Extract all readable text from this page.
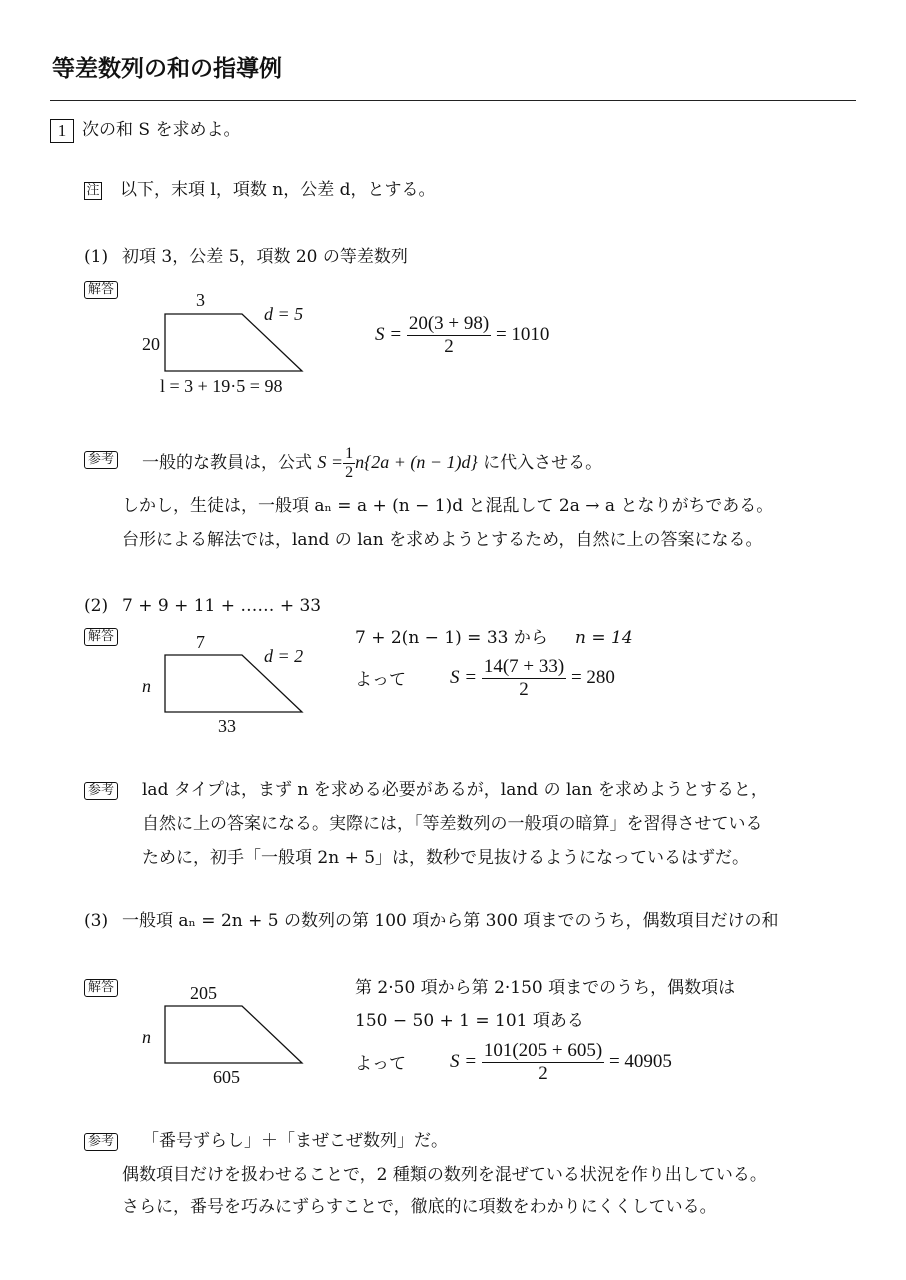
等差数列の和の指導例
1 次の和 S を求めよ。
注 以下，末項 l，項数 n，公差 d，とする。
(1) 初項 3，公差 5，項数 20 の等差数列
解答
3
d = 5
20
l = 3 + 19·5 = 98
$S = \frac{20(3 + 98)}{2} = 1010$
参考 一般的な教員は，公式 $S = \frac{1}{2} n\{2a + (n - 1)d\}$ に代入させる。
しかし，生徒は，一般項 aₙ = a + (n − 1)d と混乱して 2a → a となりがちである。
台形による解法では，land の lan を求めようとするため，自然に上の答案になる。
(2) 7 + 9 + 11 + …… + 33
解答	7
d = 2
n
33
7 + 2(n − 1) = 33 から n = 14
よって $S = \frac{14(7 + 33)}{2} = 280$
参考 lad タイプは，まず n を求める必要があるが，land の lan を求めようとすると，
自然に上の答案になる。実際には，「等差数列の一般項の暗算」を習得させている
ために，初手「一般項 2n + 5」は，数秒で見抜けるようになっているはずだ。
(3) 一般項 aₙ = 2n + 5 の数列の第 100 項から第 300 項までのうち，偶数項目だけの和
解答	205
n
605
第 2·50 項から第 2·150 項までのうち，偶数項は
150 − 50 + 1 = 101 項ある
よって $S = \frac{101(205 + 605)}{2} = 40905$
参考 「番号ずらし」＋「まぜこぜ数列」だ。
偶数項目だけを扱わせることで，2 種類の数列を混ぜている状況を作り出している。
さらに，番号を巧みにずらすことで，徹底的に項数をわかりにくくしている。
